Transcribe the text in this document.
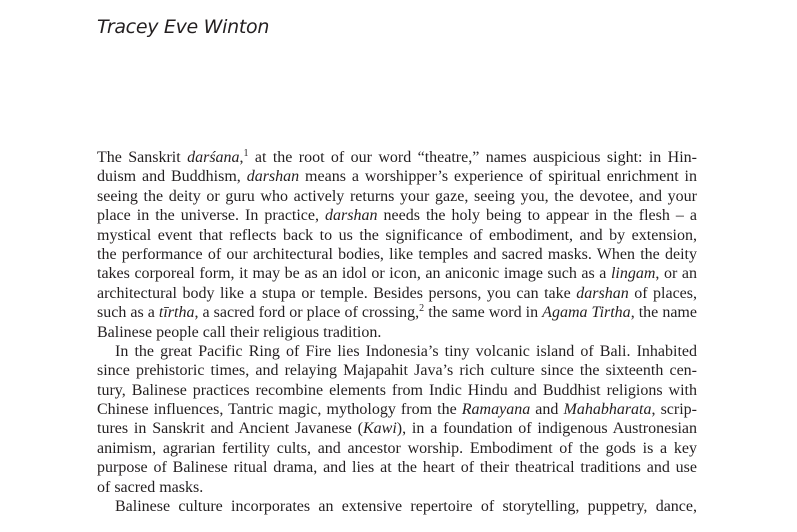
Tracey Eve Winton
The Sanskrit darśana,$^1$ at the root of our word “theatre,” names auspicious sight: in Hin-
duism and Buddhism, darshan means a worshipper’s experience of spiritual enrichment in
seeing the deity or guru who actively returns your gaze, seeing you, the devotee, and your
place in the universe. In practice, darshan needs the holy being to appear in the flesh – a
mystical event that reflects back to us the significance of embodiment, and by extension,
the performance of our architectural bodies, like temples and sacred masks. When the deity
takes corporeal form, it may be as an idol or icon, an aniconic image such as a lingam, or an
architectural body like a stupa or temple. Besides persons, you can take darshan of places,
such as a tīrtha, a sacred ford or place of crossing,$^2$ the same word in Agama Tirtha, the name
Balinese people call their religious tradition.
In the great Pacific Ring of Fire lies Indonesia’s tiny volcanic island of Bali. Inhabited
since prehistoric times, and relaying Majapahit Java’s rich culture since the sixteenth cen-
tury, Balinese practices recombine elements from Indic Hindu and Buddhist religions with
Chinese influences, Tantric magic, mythology from the Ramayana and Mahabharata, scrip-
tures in Sanskrit and Ancient Javanese (Kawi), in a foundation of indigenous Austronesian
animism, agrarian fertility cults, and ancestor worship. Embodiment of the gods is a key
purpose of Balinese ritual drama, and lies at the heart of their theatrical traditions and use
of sacred masks.
Balinese culture incorporates an extensive repertoire of storytelling, puppetry, dance,
